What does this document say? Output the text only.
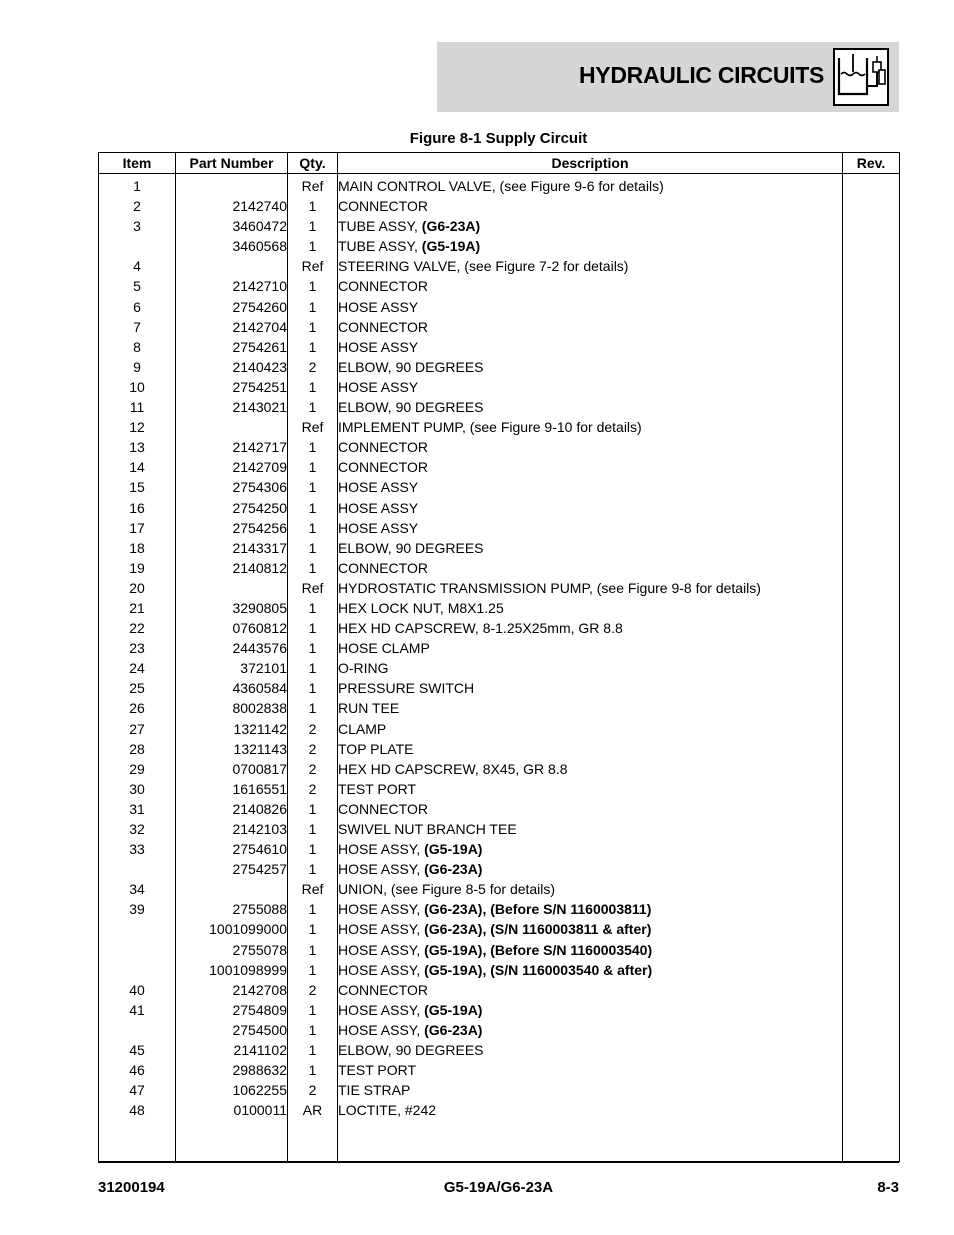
HYDRAULIC CIRCUITS
Figure 8-1 Supply Circuit
Item	Part Number	Qty.	Description	Rev.
1		Ref	MAIN CONTROL VALVE, (see Figure 9-6 for details)	
2	2142740	1	CONNECTOR	
3	3460472	1	TUBE ASSY, (G6-23A)	
	3460568	1	TUBE ASSY, (G5-19A)	
4		Ref	STEERING VALVE, (see Figure 7-2 for details)	
5	2142710	1	CONNECTOR	
6	2754260	1	HOSE ASSY	
7	2142704	1	CONNECTOR	
8	2754261	1	HOSE ASSY	
9	2140423	2	ELBOW, 90 DEGREES	
10	2754251	1	HOSE ASSY	
11	2143021	1	ELBOW, 90 DEGREES	
12		Ref	IMPLEMENT PUMP, (see Figure 9-10 for details)	
13	2142717	1	CONNECTOR	
14	2142709	1	CONNECTOR	
15	2754306	1	HOSE ASSY	
16	2754250	1	HOSE ASSY	
17	2754256	1	HOSE ASSY	
18	2143317	1	ELBOW, 90 DEGREES	
19	2140812	1	CONNECTOR	
20		Ref	HYDROSTATIC TRANSMISSION PUMP, (see Figure 9-8 for details)	
21	3290805	1	HEX LOCK NUT, M8X1.25	
22	0760812	1	HEX HD CAPSCREW, 8-1.25X25mm, GR 8.8	
23	2443576	1	HOSE CLAMP	
24	372101	1	O-RING	
25	4360584	1	PRESSURE SWITCH	
26	8002838	1	RUN TEE	
27	1321142	2	CLAMP	
28	1321143	2	TOP PLATE	
29	0700817	2	HEX HD CAPSCREW, 8X45, GR 8.8	
30	1616551	2	TEST PORT	
31	2140826	1	CONNECTOR	
32	2142103	1	SWIVEL NUT BRANCH TEE	
33	2754610	1	HOSE ASSY, (G5-19A)	
	2754257	1	HOSE ASSY, (G6-23A)	
34		Ref	UNION, (see Figure 8-5 for details)	
39	2755088	1	HOSE ASSY, (G6-23A), (Before S/N 1160003811)	
	1001099000	1	HOSE ASSY, (G6-23A), (S/N 1160003811 & after)	
	2755078	1	HOSE ASSY, (G5-19A), (Before S/N 1160003540)	
	1001098999	1	HOSE ASSY, (G5-19A), (S/N 1160003540 & after)	
40	2142708	2	CONNECTOR	
41	2754809	1	HOSE ASSY, (G5-19A)	
	2754500	1	HOSE ASSY, (G6-23A)	
45	2141102	1	ELBOW, 90 DEGREES	
46	2988632	1	TEST PORT	
47	1062255	2	TIE STRAP	
48	0100011	AR	LOCTITE, #242	

31200194	G5-19A/G6-23A	8-3
